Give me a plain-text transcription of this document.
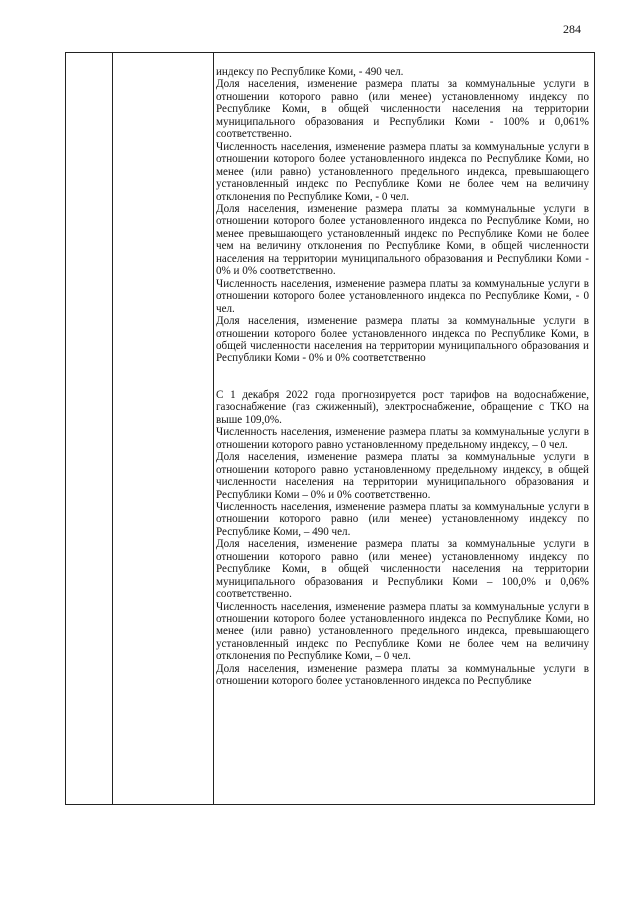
284

индексу по Республике Коми, - 490 чел.

Доля населения, изменение размера платы за коммунальные услуги в отношении которого равно (или менее) установленному индексу по Республике Коми, в общей численности населения на территории муниципального образования и Республики Коми - 100% и 0,061% соответственно.

Численность населения, изменение размера платы за коммунальные услуги в отношении которого более установленного индекса по Республике Коми, но менее (или равно) установленного предельного индекса, превышающего установленный индекс по Республике Коми не более чем на величину отклонения по Республике Коми, - 0 чел.

Доля населения, изменение размера платы за коммунальные услуги в отношении которого более установленного индекса по Республике Коми, но менее превышающего установленный индекс по Республике Коми не более чем на величину отклонения по Республике Коми, в общей численности населения на территории муниципального образования и Республики Коми - 0% и 0% соответственно.

Численность населения, изменение размера платы за коммунальные услуги в отношении которого более установленного индекса по Республике Коми, - 0 чел.

Доля населения, изменение размера платы за коммунальные услуги в отношении которого более установленного индекса по Республике Коми, в общей численности населения на территории муниципального образования и Республики Коми - 0% и 0% соответственно

С 1 декабря 2022 года прогнозируется рост тарифов на водоснабжение, газоснабжение (газ сжиженный), электроснабжение, обращение с ТКО на выше 109,0%.

Численность населения, изменение размера платы за коммунальные услуги в отношении которого равно установленному предельному индексу, – 0 чел.

Доля населения, изменение размера платы за коммунальные услуги в отношении которого равно установленному предельному индексу, в общей численности населения на территории муниципального образования и Республики Коми – 0% и 0% соответственно.

Численность населения, изменение размера платы за коммунальные услуги в отношении которого равно (или менее) установленному индексу по Республике Коми, – 490 чел.

Доля населения, изменение размера платы за коммунальные услуги в отношении которого равно (или менее) установленному индексу по Республике Коми, в общей численности населения на территории муниципального образования и Республики Коми – 100,0% и 0,06% соответственно.

Численность населения, изменение размера платы за коммунальные услуги в отношении которого более установленного индекса по Республике Коми, но менее (или равно) установленного предельного индекса, превышающего установленный индекс по Республике Коми не более чем на величину отклонения по Республике Коми, – 0 чел.

Доля населения, изменение размера платы за коммунальные услуги в отношении которого более установленного индекса по Республике
